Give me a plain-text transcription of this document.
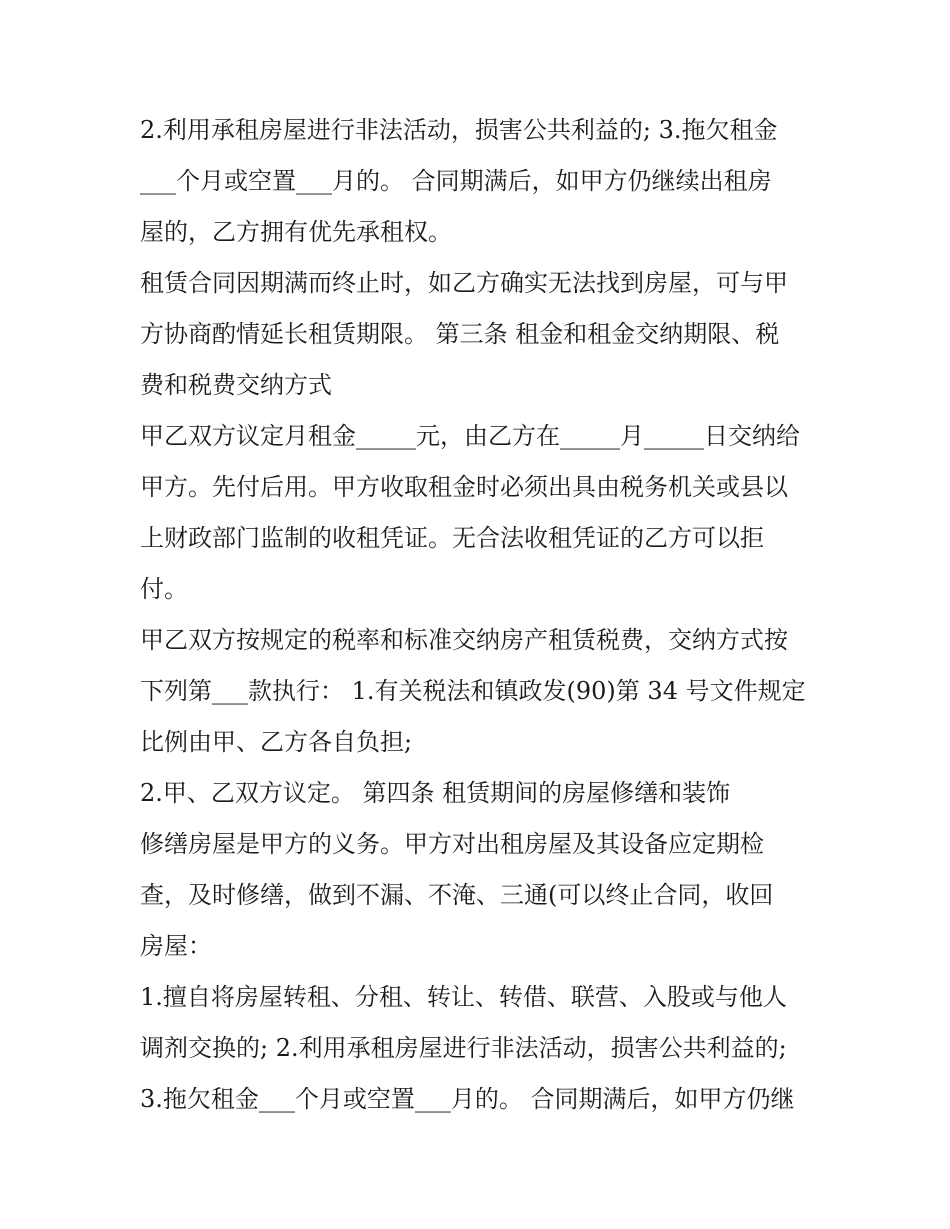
2.利用承租房屋进行非法活动，损害公共利益的; 3.拖欠租金
___个月或空置___月的。 合同期满后，如甲方仍继续出租房
屋的，乙方拥有优先承租权。
租赁合同因期满而终止时，如乙方确实无法找到房屋，可与甲
方协商酌情延长租赁期限。 第三条 租金和租金交纳期限、税
费和税费交纳方式
甲乙双方议定月租金_____元，由乙方在_____月_____日交纳给
甲方。先付后用。甲方收取租金时必须出具由税务机关或县以
上财政部门监制的收租凭证。无合法收租凭证的乙方可以拒
付。
甲乙双方按规定的税率和标准交纳房产租赁税费，交纳方式按
下列第___款执行： 1.有关税法和镇政发(90)第 34 号文件规定
比例由甲、乙方各自负担;
2.甲、乙双方议定。 第四条 租赁期间的房屋修缮和装饰
修缮房屋是甲方的义务。甲方对出租房屋及其设备应定期检
查，及时修缮，做到不漏、不淹、三通(可以终止合同，收回
房屋：
1.擅自将房屋转租、分租、转让、转借、联营、入股或与他人
调剂交换的; 2.利用承租房屋进行非法活动，损害公共利益的;
3.拖欠租金___个月或空置___月的。 合同期满后，如甲方仍继
